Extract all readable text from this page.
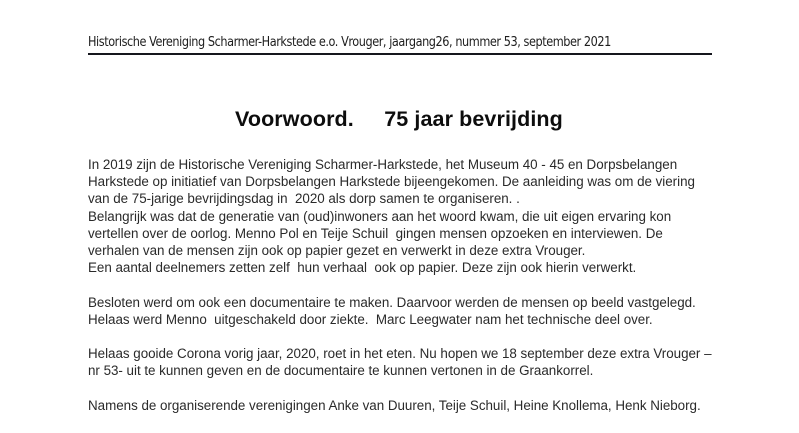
Historische Vereniging Scharmer-Harkstede e.o. Vrouger, jaargang26, nummer 53, september 2021
Voorwoord.     75 jaar bevrijding

In 2019 zijn de Historische Vereniging Scharmer-Harkstede, het Museum 40 - 45 en Dorpsbelangen Harkstede op initiatief van Dorpsbelangen Harkstede bijeengekomen. De aanleiding was om de viering van de 75-jarige bevrijdingsdag in  2020 als dorp samen te organiseren. .

Belangrijk was dat de generatie van (oud)inwoners aan het woord kwam, die uit eigen ervaring kon vertellen over de oorlog. Menno Pol en Teije Schuil  gingen mensen opzoeken en interviewen. De verhalen van de mensen zijn ook op papier gezet en verwerkt in deze extra Vrouger.

Een aantal deelnemers zetten zelf  hun verhaal  ook op papier. Deze zijn ook hierin verwerkt.

Besloten werd om ook een documentaire te maken. Daarvoor werden de mensen op beeld vastgelegd. Helaas werd Menno  uitgeschakeld door ziekte.  Marc Leegwater nam het technische deel over.

Helaas gooide Corona vorig jaar, 2020, roet in het eten. Nu hopen we 18 september deze extra Vrouger –nr 53- uit te kunnen geven en de documentaire te kunnen vertonen in de Graankorrel.

Namens de organiserende verenigingen Anke van Duuren, Teije Schuil, Heine Knollema, Henk Nieborg.
